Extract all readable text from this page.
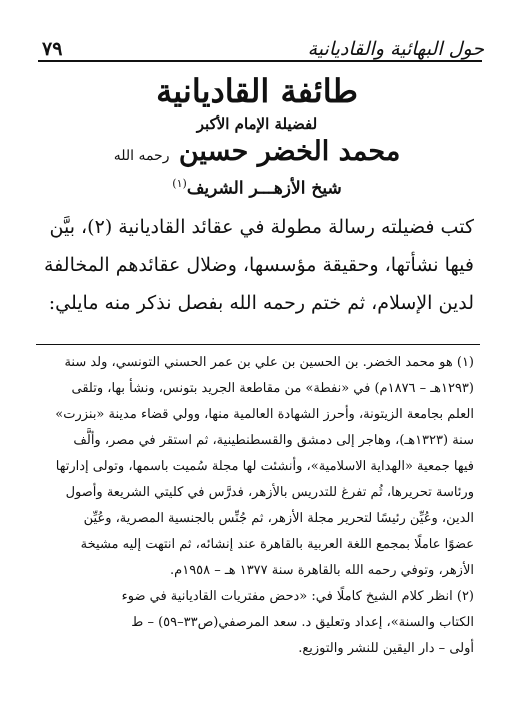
حول البهائية والقاديانية
٧٩
طائفة القاديانية
لفضيلة الإمام الأكبر
محمد الخضر حسين رحمه الله
شيخ الأزهـــر الشريف$^{(١)}$
كتب فضيلته رسالة مطولة في عقائد القاديانية (٢)، بيَّن
فيها نشأتها، وحقيقة مؤسسها، وضلال عقائدهم المخالفة
لدين الإسلام، ثم ختم رحمه الله بفصل نذكر منه مايلي:
(١) هو محمد الخضر. بن الحسين بن علي بن عمر الحسني التونسي، ولد سنة
(١٢٩٣هـ – ١٨٧٦م) في «نفطة» من مقاطعة الجريد بتونس، ونشأ بها، وتلقى
العلم بجامعة الزيتونة، وأحرز الشهادة العالمية منها، وولي قضاء مدينة «بنزرت»
سنة (١٣٢٣هـ)، وهاجر إلى دمشق والقسطنطينية، ثم استقر في مصر، وألَّف
فيها جمعية «الهداية الاسلامية»، وأنشئت لها مجلة سُميت باسمها، وتولى إدارتها
ورئاسة تحريرها، ثُم تفرغ للتدريس بالأزهر، فدرَّس في كليتي الشريعة وأصول
الدين، وعُيِّن رئيسًا لتحرير مجلة الأزهر، ثم جُنِّس بالجنسية المصرية، وعُيِّن
عضوًا عاملًا بمجمع اللغة العربية بالقاهرة عند إنشائه، ثم انتهت إليه مشيخة
الأزهر، وتوفي رحمه الله بالقاهرة سنة ١٣٧٧ هـ – ١٩٥٨م.
(٢) انظر كلام الشيخ كاملًا في: «دحض مفتريات القاديانية في ضوء
الكتاب والسنة»، إعداد وتعليق د. سعد المرصفي(ص٣٣–٥٩) – ط
أولى – دار اليقين للنشر والتوزيع.
